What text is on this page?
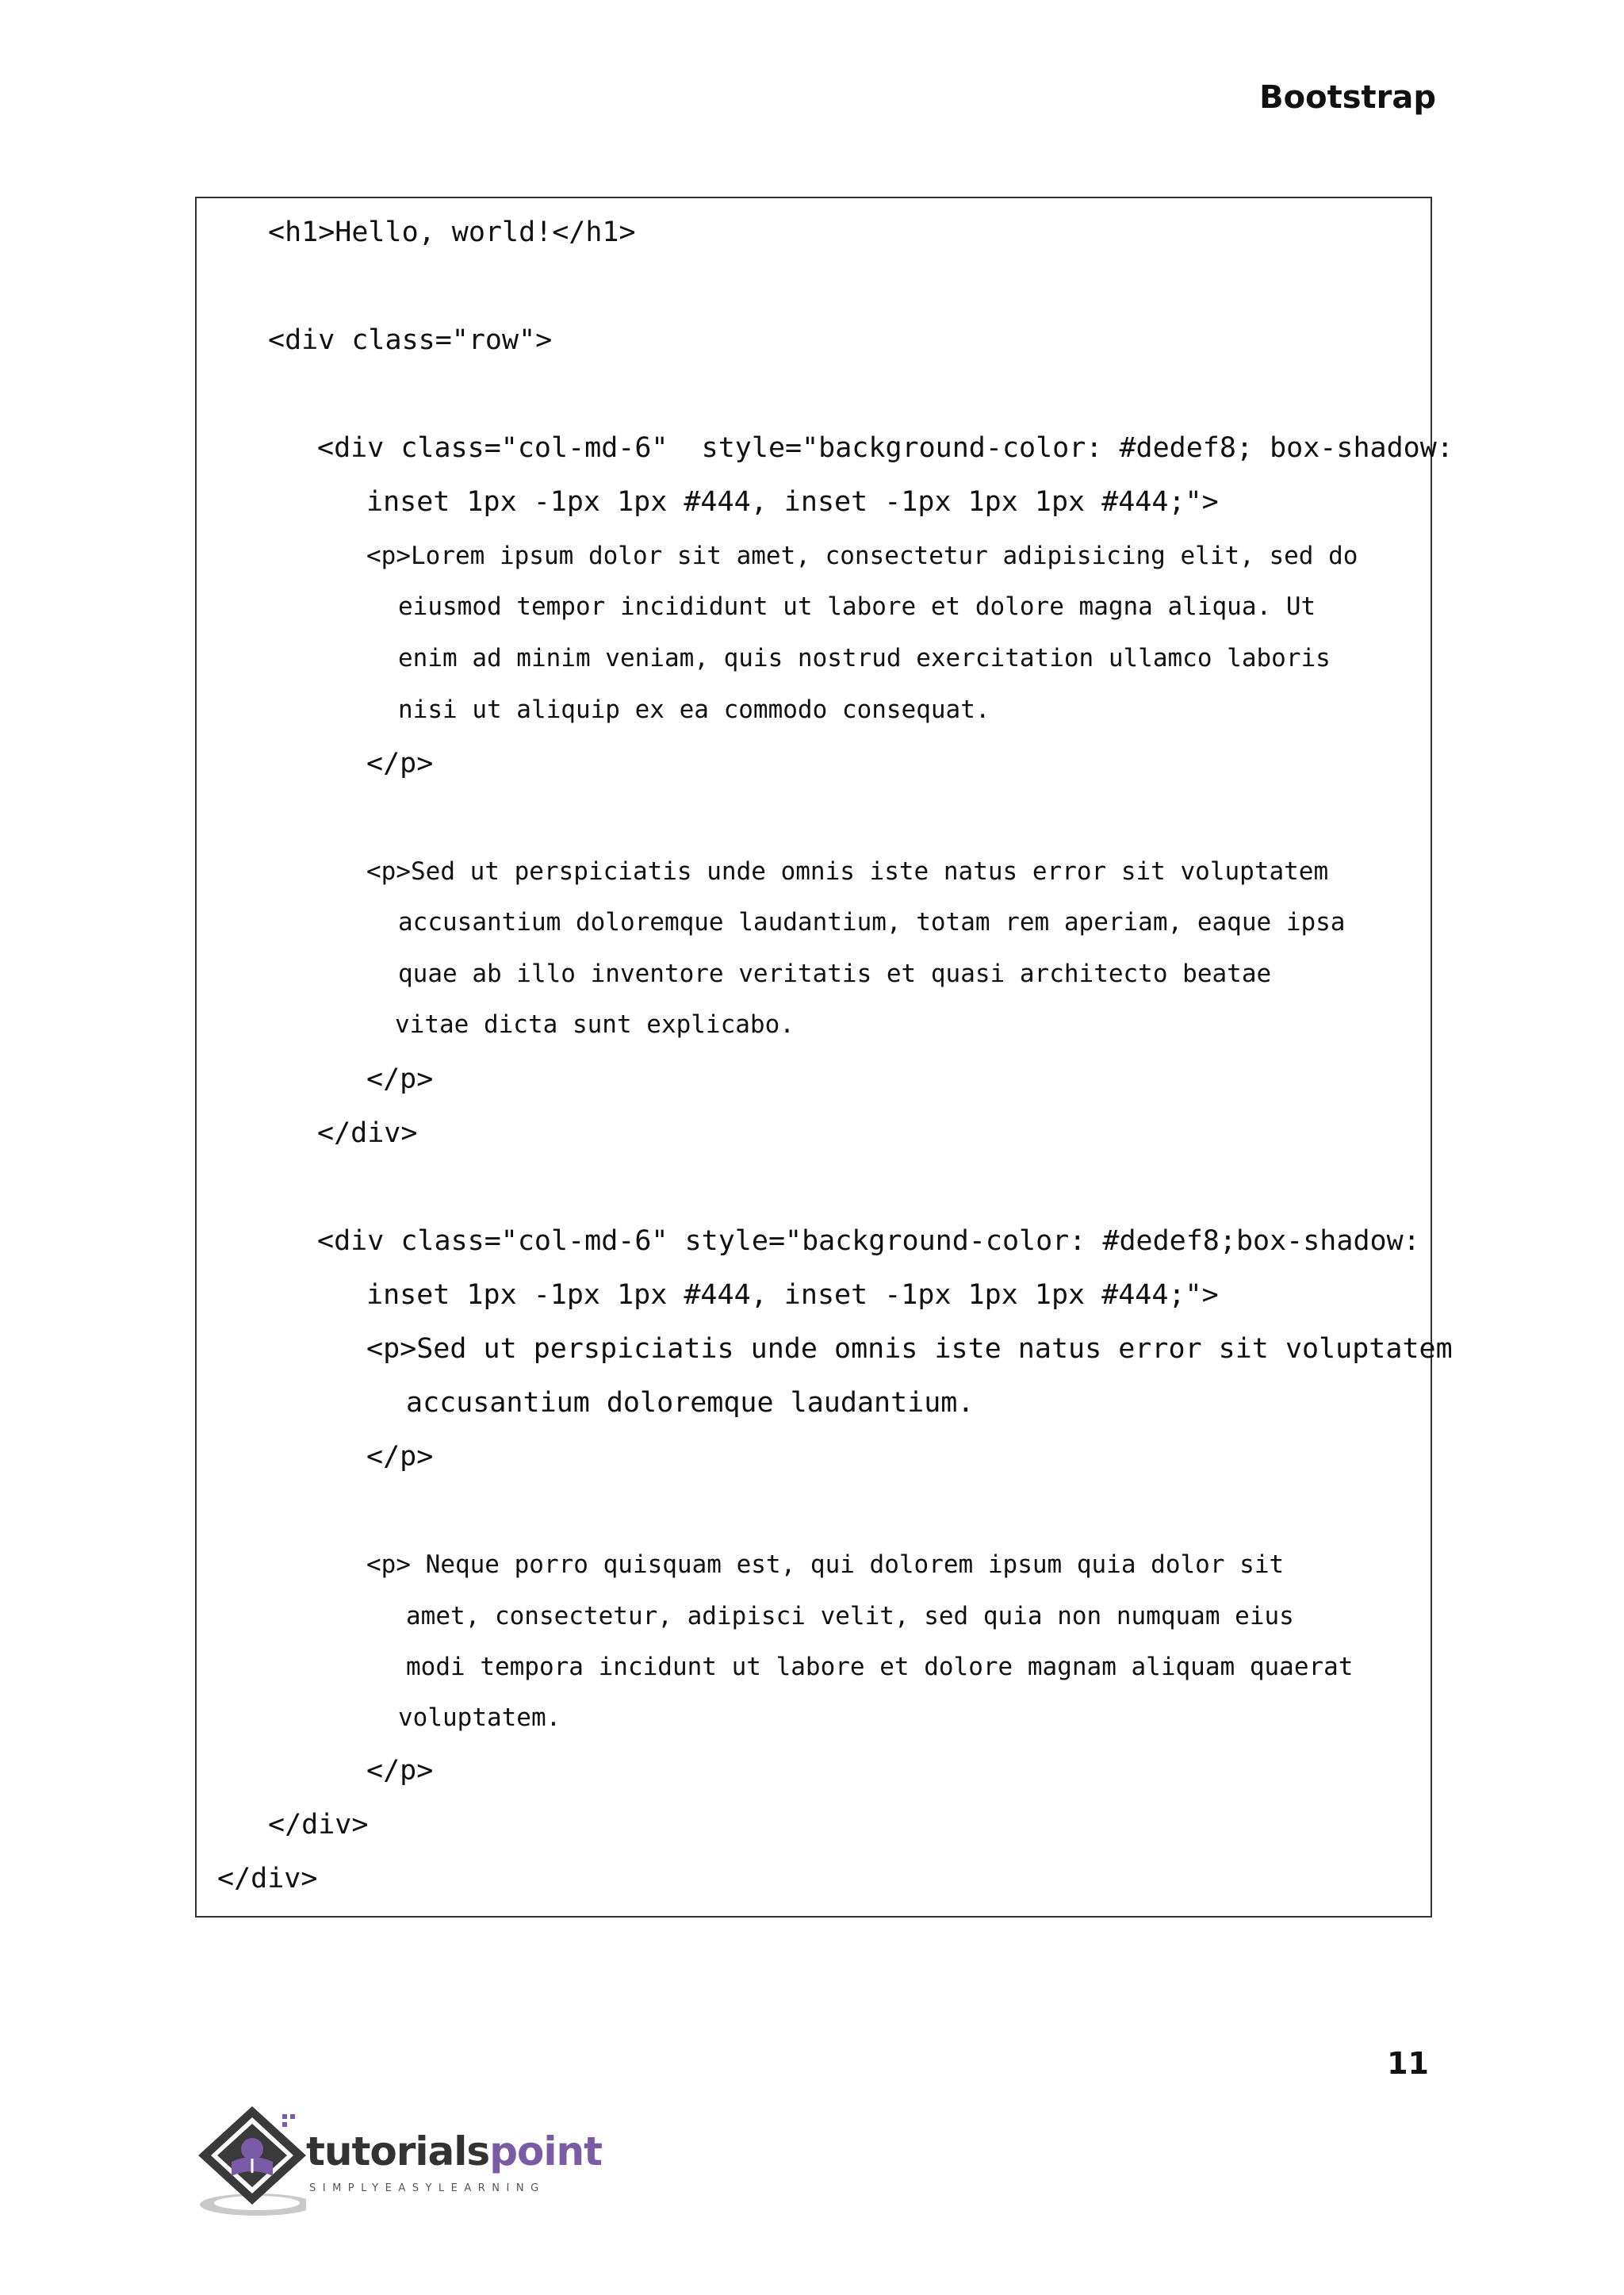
Bootstrap
<h1>Hello, world!</h1>
<div class="row">
<div class="col-md-6"  style="background-color: #dedef8; box-shadow:
inset 1px -1px 1px #444, inset -1px 1px 1px #444;">
<p>Lorem ipsum dolor sit amet, consectetur adipisicing elit, sed do
eiusmod tempor incididunt ut labore et dolore magna aliqua. Ut
enim ad minim veniam, quis nostrud exercitation ullamco laboris
nisi ut aliquip ex ea commodo consequat.
</p>
<p>Sed ut perspiciatis unde omnis iste natus error sit voluptatem
accusantium doloremque laudantium, totam rem aperiam, eaque ipsa
quae ab illo inventore veritatis et quasi architecto beatae
vitae dicta sunt explicabo.
</p>
</div>
<div class="col-md-6" style="background-color: #dedef8;box-shadow:
inset 1px -1px 1px #444, inset -1px 1px 1px #444;">
<p>Sed ut perspiciatis unde omnis iste natus error sit voluptatem
accusantium doloremque laudantium.
</p>
<p> Neque porro quisquam est, qui dolorem ipsum quia dolor sit
amet, consectetur, adipisci velit, sed quia non numquam eius
modi tempora incidunt ut labore et dolore magnam aliquam quaerat
voluptatem.
</p>
</div>
</div>
11
tutorialspoint
SIMPLYEASYLEARNING
